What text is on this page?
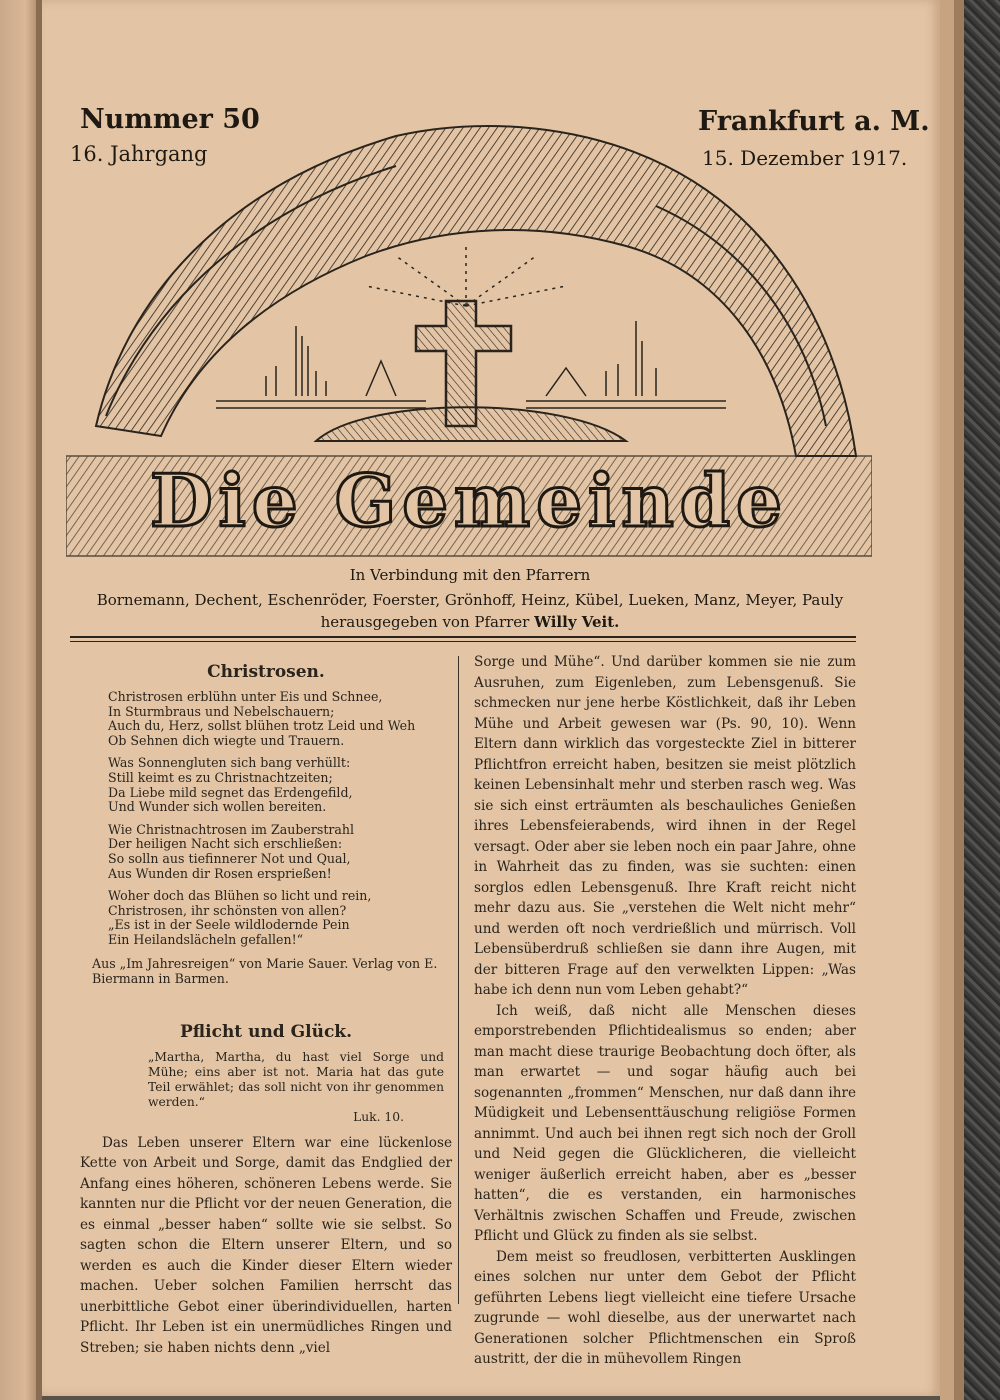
Nummer 50
16. Jahrgang
Frankfurt a. M.
15. Dezember 1917.
Die Gemeinde
In Verbindung mit den Pfarrern
Bornemann, Dechent, Eschenröder, Foerster, Grönhoff, Heinz, Kübel, Lueken, Manz, Meyer, Pauly
herausgegeben von Pfarrer Willy Veit.
Christrosen.
Christrosen erblühn unter Eis und Schnee,
In Sturmbraus und Nebelschauern;
Auch du, Herz, sollst blühen trotz Leid und Weh
Ob Sehnen dich wiegte und Trauern.
Was Sonnengluten sich bang verhüllt:
Still keimt es zu Christnachtzeiten;
Da Liebe mild segnet das Erdengefild,
Und Wunder sich wollen bereiten.
Wie Christnachtrosen im Zauberstrahl
Der heiligen Nacht sich erschließen:
So solln aus tiefinnerer Not und Qual,
Aus Wunden dir Rosen ersprießen!
Woher doch das Blühen so licht und rein,
Christrosen, ihr schönsten von allen?
„Es ist in der Seele wildlodernde Pein
Ein Heilandslächeln gefallen!“
Aus „Im Jahresreigen“ von Marie Sauer. Verlag von E. Biermann in Barmen.
Pflicht und Glück.
„Martha, Martha, du hast viel Sorge und Mühe; eins aber ist not. Maria hat das gute Teil erwählet; das soll nicht von ihr genommen werden.“
Luk. 10.

Das Leben unserer Eltern war eine lückenlose Kette von Arbeit und Sorge, damit das Endglied der Anfang eines höheren, schöneren Lebens werde. Sie kannten nur die Pflicht vor der neuen Generation, die es einmal „besser haben“ sollte wie sie selbst. So sagten schon die Eltern unserer Eltern, und so werden es auch die Kinder dieser Eltern wieder machen. Ueber solchen Familien herrscht das unerbittliche Gebot einer überindividuellen, harten Pflicht. Ihr Leben ist ein unermüdliches Ringen und Streben; sie haben nichts denn „viel

Sorge und Mühe“. Und darüber kommen sie nie zum Ausruhen, zum Eigenleben, zum Lebensgenuß. Sie schmecken nur jene herbe Köstlichkeit, daß ihr Leben Mühe und Arbeit gewesen war (Ps. 90, 10). Wenn Eltern dann wirklich das vorgesteckte Ziel in bitterer Pflichtfron erreicht haben, besitzen sie meist plötzlich keinen Lebensinhalt mehr und sterben rasch weg. Was sie sich einst erträumten als beschauliches Genießen ihres Lebensfeierabends, wird ihnen in der Regel versagt. Oder aber sie leben noch ein paar Jahre, ohne in Wahrheit das zu finden, was sie suchten: einen sorglos edlen Lebensgenuß. Ihre Kraft reicht nicht mehr dazu aus. Sie „verstehen die Welt nicht mehr“ und werden oft noch verdrießlich und mürrisch. Voll Lebensüberdruß schließen sie dann ihre Augen, mit der bitteren Frage auf den verwelkten Lippen: „Was habe ich denn nun vom Leben gehabt?“

Ich weiß, daß nicht alle Menschen dieses emporstrebenden Pflichtidealismus so enden; aber man macht diese traurige Beobachtung doch öfter, als man erwartet — und sogar häufig auch bei sogenannten „frommen“ Menschen, nur daß dann ihre Müdigkeit und Lebensenttäuschung religiöse Formen annimmt. Und auch bei ihnen regt sich noch der Groll und Neid gegen die Glücklicheren, die vielleicht weniger äußerlich erreicht haben, aber es „besser hatten“, die es verstanden, ein harmonisches Verhältnis zwischen Schaffen und Freude, zwischen Pflicht und Glück zu finden als sie selbst.

Dem meist so freudlosen, verbitterten Ausklingen eines solchen nur unter dem Gebot der Pflicht geführten Lebens liegt vielleicht eine tiefere Ursache zugrunde — wohl dieselbe, aus der unerwartet nach Generationen solcher Pflichtmenschen ein Sproß austritt, der die in mühevollem Ringen
